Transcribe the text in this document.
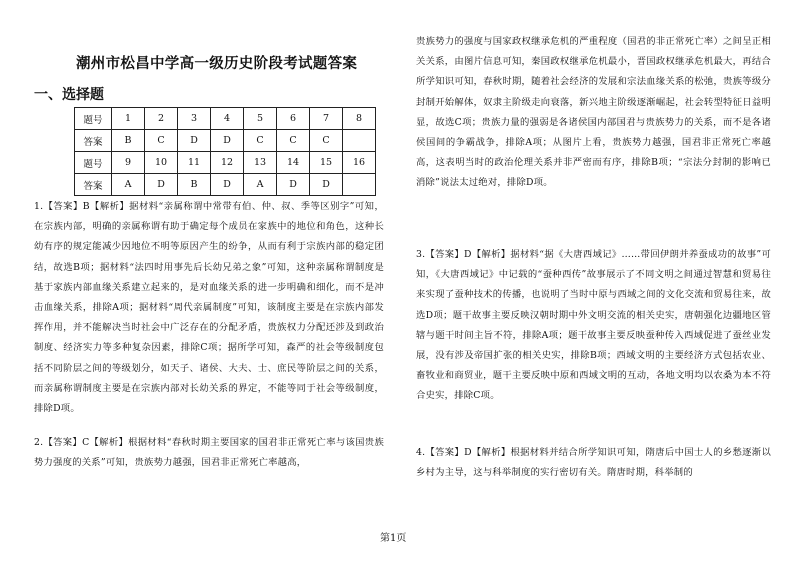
潮州市松昌中学高一级历史阶段考试题答案
一、选择题
题号	1	2	3	4	5	6	7	8
答案	B	C	D	D	C	C	C	
题号	9	10	11	12	13	14	15	16
答案	A	D	B	D	A	D	D	
1.【答案】B【解析】据材料“亲属称谓中常带有伯、仲、叔、季等区别字”可知，在宗族内部，明确的亲属称谓有助于确定每个成员在家族中的地位和角色，这种长幼有序的规定能减少因地位不明等原因产生的纷争，从而有利于宗族内部的稳定团结，故选B项；据材料“法四时用事先后长幼兄弟之象”可知，这种亲属称谓制度是基于家族内部血缘关系建立起来的，是对血缘关系的进一步明确和细化，而不是冲击血缘关系，排除A项；据材料“周代亲属制度”可知，该制度主要是在宗族内部发挥作用，并不能解决当时社会中广泛存在的分配矛盾，贵族权力分配还涉及到政治制度、经济实力等多种复杂因素，排除C项；据所学可知，森严的社会等级制度包括不同阶层之间的等级划分，如天子、诸侯、大夫、士、庶民等阶层之间的关系，而亲属称谓制度主要是在宗族内部对长幼关系的界定，不能等同于社会等级制度，排除D项。
2.【答案】C【解析】根据材料“春秋时期主要国家的国君非正常死亡率与该国贵族势力强度的关系”可知，贵族势力越强，国君非正常死亡率越高，
贵族势力的强度与国家政权继承危机的严重程度（国君的非正常死亡率）之间呈正相关关系，由图片信息可知，秦国政权继承危机最小，晋国政权继承危机最大，再结合所学知识可知，春秋时期，随着社会经济的发展和宗法血缘关系的松弛，贵族等级分封制开始解体，奴隶主阶级走向衰落，新兴地主阶级逐渐崛起，社会转型特征日益明显，故选C项；贵族力量的强弱是各诸侯国内部国君与贵族势力的关系，而不是各诸侯国间的争霸战争，排除A项；从图片上看，贵族势力越强，国君非正常死亡率越高，这表明当时的政治伦理关系并非严密而有序，排除B项；“宗法分封制的影响已消除”说法太过绝对，排除D项。
3.【答案】D【解析】据材料“据《大唐西域记》……带回伊朗并养蚕成功的故事”可知，《大唐西域记》中记载的“蚕种西传”故事展示了不同文明之间通过智慧和贸易往来实现了蚕种技术的传播，也说明了当时中原与西域之间的文化交流和贸易往来，故选D项；题干故事主要反映汉朝时期中外文明交流的相关史实，唐朝强化边疆地区管辖与题干时间主旨不符，排除A项；题干故事主要反映蚕种传入西域促进了蚕丝业发展，没有涉及帝国扩张的相关史实，排除B项；西域文明的主要经济方式包括农业、畜牧业和商贸业，题干主要反映中原和西域文明的互动，各地文明均以农桑为本不符合史实，排除C项。
4.【答案】D【解析】根据材料并结合所学知识可知，隋唐后中国士人的乡愁逐渐以乡村为主导，这与科举制度的实行密切有关。隋唐时期，科举制的
第1页
